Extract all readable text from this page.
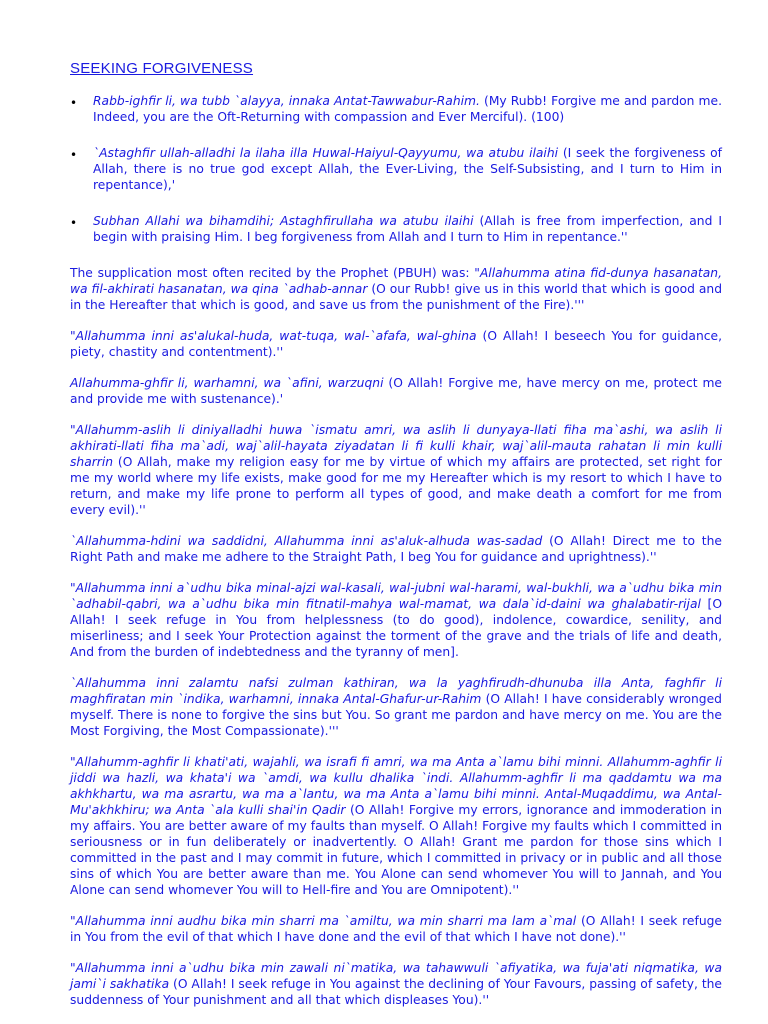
SEEKING FORGIVENESS
• Rabb-ighfir li, wa tubb `alayya, innaka Antat-Tawwabur-Rahim. (My Rubb! Forgive me and pardon me. Indeed, you are the Oft-Returning with compassion and Ever Merciful). (100)
• `Astaghfir ullah-alladhi la ilaha illa Huwal-Haiyul-Qayyumu, wa atubu ilaihi (I seek the forgiveness of Allah, there is no true god except Allah, the Ever-Living, the Self-Subsisting, and I turn to Him in repentance),'
• Subhan Allahi wa bihamdihi; Astaghfirullaha wa atubu ilaihi (Allah is free from imperfection, and I begin with praising Him. I beg forgiveness from Allah and I turn to Him in repentance.''

The supplication most often recited by the Prophet (PBUH) was: "Allahumma atina fid-dunya hasanatan, wa fil-akhirati hasanatan, wa qina `adhab-annar (O our Rubb! give us in this world that which is good and in the Hereafter that which is good, and save us from the punishment of the Fire).'''

"Allahumma inni as'alukal-huda, wat-tuqa, wal-`afafa, wal-ghina (O Allah! I beseech You for guidance, piety, chastity and contentment).''

Allahumma-ghfir li, warhamni, wa `afini, warzuqni (O Allah! Forgive me, have mercy on me, protect me and provide me with sustenance).'

"Allahumm-aslih li diniyalladhi huwa `ismatu amri, wa aslih li dunyaya-llati fiha ma`ashi, wa aslih li akhirati-llati fiha ma`adi, waj`alil-hayata ziyadatan li fi kulli khair, waj`alil-mauta rahatan li min kulli sharrin (O Allah, make my religion easy for me by virtue of which my affairs are protected, set right for me my world where my life exists, make good for me my Hereafter which is my resort to which I have to return, and make my life prone to perform all types of good, and make death a comfort for me from every evil).''

`Allahumma-hdini wa saddidni, Allahumma inni as'aluk-alhuda was-sadad (O Allah! Direct me to the Right Path and make me adhere to the Straight Path, I beg You for guidance and uprightness).''

"Allahumma inni a`udhu bika minal-ajzi wal-kasali, wal-jubni wal-harami, wal-bukhli, wa a`udhu bika min `adhabil-qabri, wa a`udhu bika min fitnatil-mahya wal-mamat, wa dala`id-daini wa ghalabatir-rijal [O Allah! I seek refuge in You from helplessness (to do good), indolence, cowardice, senility, and miserliness; and I seek Your Protection against the torment of the grave and the trials of life and death, And from the burden of indebtedness and the tyranny of men].

`Allahumma inni zalamtu nafsi zulman kathiran, wa la yaghfirudh-dhunuba illa Anta, faghfir li maghfiratan min `indika, warhamni, innaka Antal-Ghafur-ur-Rahim (O Allah! I have considerably wronged myself. There is none to forgive the sins but You. So grant me pardon and have mercy on me. You are the Most Forgiving, the Most Compassionate).'''

"Allahumm-aghfir li khati'ati, wajahli, wa israfi fi amri, wa ma Anta a`lamu bihi minni. Allahumm-aghfir li jiddi wa hazli, wa khata'i wa `amdi, wa kullu dhalika `indi. Allahumm-aghfir li ma qaddamtu wa ma akhkhartu, wa ma asrartu, wa ma a`lantu, wa ma Anta a`lamu bihi minni. Antal-Muqaddimu, wa Antal-Mu'akhkhiru; wa Anta `ala kulli shai'in Qadir (O Allah! Forgive my errors, ignorance and immoderation in my affairs. You are better aware of my faults than myself. O Allah! Forgive my faults which I committed in seriousness or in fun deliberately or inadvertently. O Allah! Grant me pardon for those sins which I committed in the past and I may commit in future, which I committed in privacy or in public and all those sins of which You are better aware than me. You Alone can send whomever You will to Jannah, and You Alone can send whomever You will to Hell-fire and You are Omnipotent).''

"Allahumma inni audhu bika min sharri ma `amiltu, wa min sharri ma lam a`mal (O Allah! I seek refuge in You from the evil of that which I have done and the evil of that which I have not done).''

"Allahumma inni a`udhu bika min zawali ni`matika, wa tahawwuli `afiyatika, wa fuja'ati niqmatika, wa jami`i sakhatika (O Allah! I seek refuge in You against the declining of Your Favours, passing of safety, the suddenness of Your punishment and all that which displeases You).''
